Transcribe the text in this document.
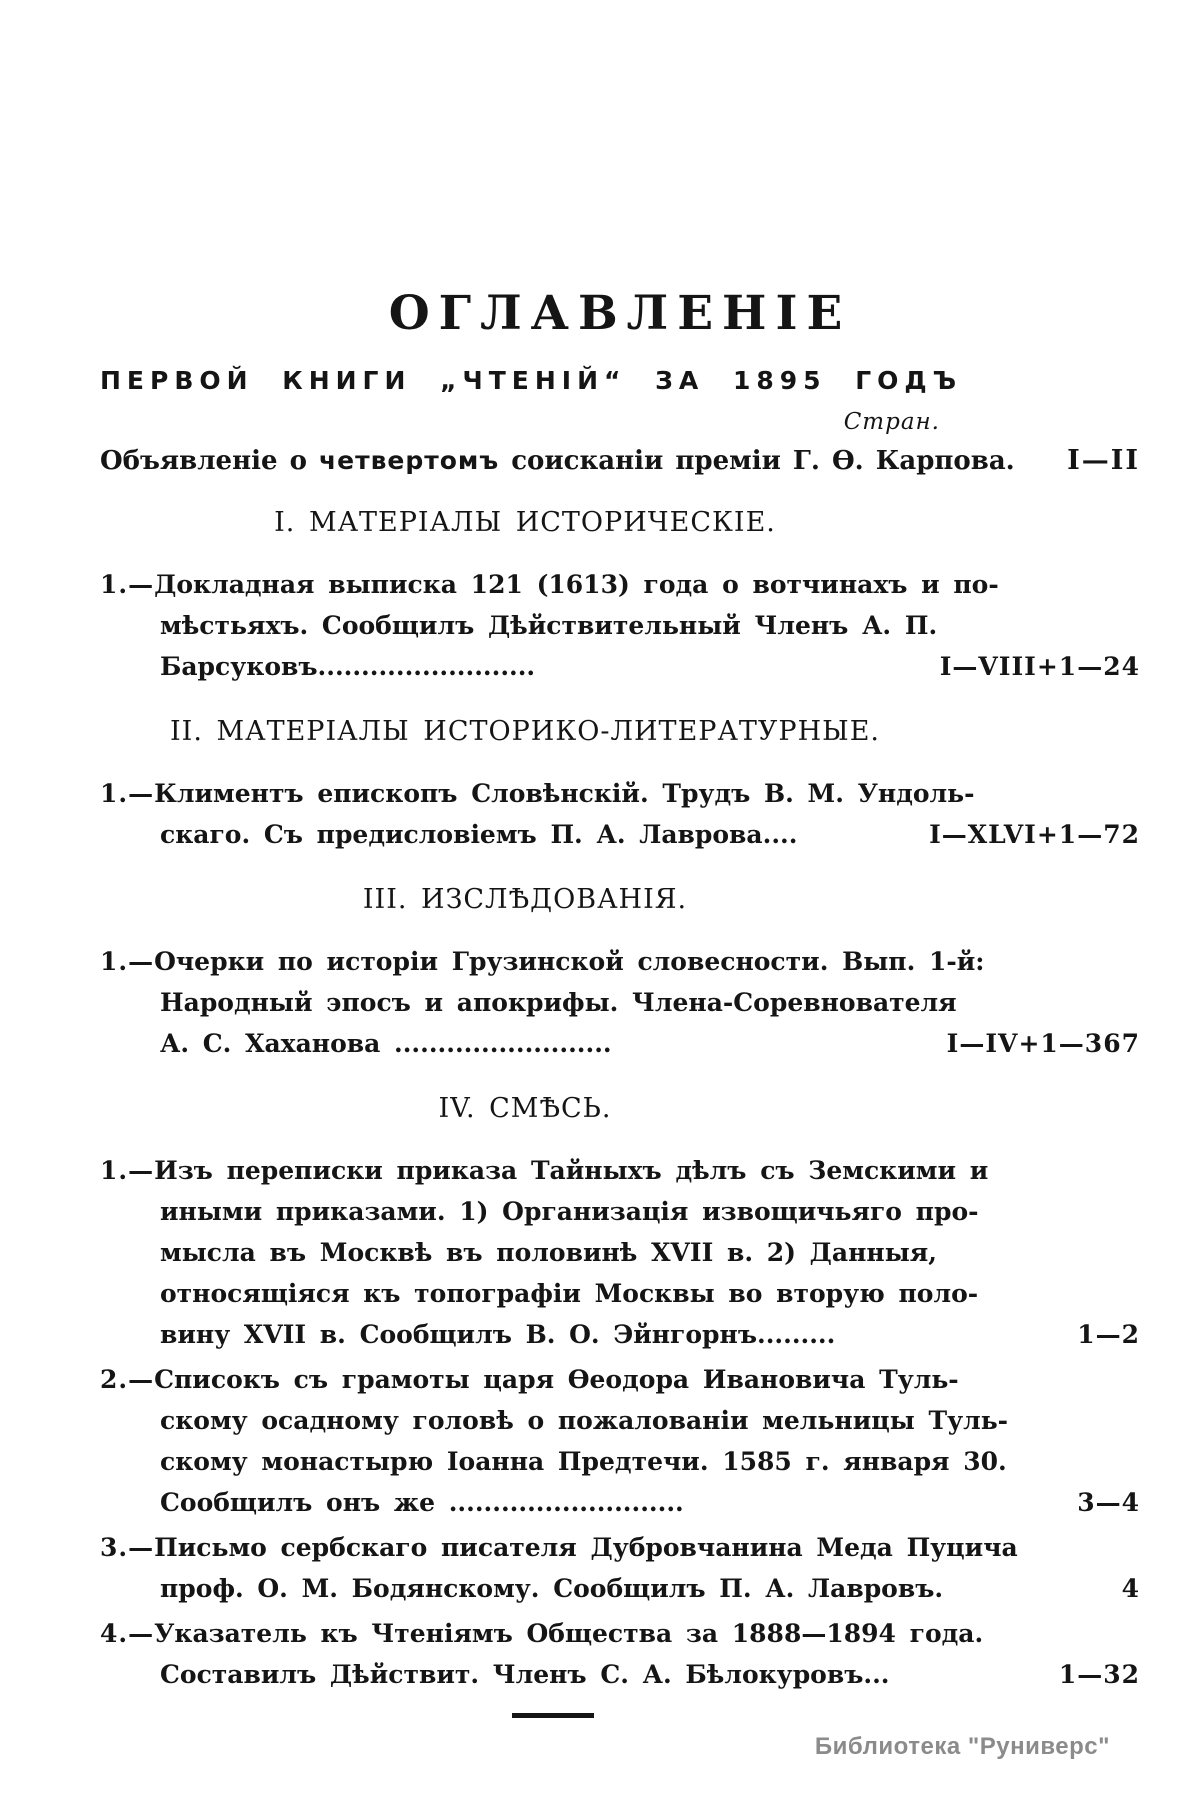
ОГЛАВЛЕНІЕ
ПЕРВОЙ КНИГИ „ЧТЕНІЙ“ ЗА 1895 ГОДЪ
Стран.
Объявленіе о четвертомъ соисканіи преміи Г. Ѳ. Карпова. I—II
I. МАТЕРІАЛЫ ИСТОРИЧЕСКІЕ.
1.—Докладная выписка 121 (1613) года о вотчинахъ и по-
мѣстьяхъ. Сообщилъ Дѣйствительный Членъ А. П.
Барсуковъ.........................	I—VIII+1—24
II. МАТЕРІАЛЫ ИСТОРИКО-ЛИТЕРАТУРНЫЕ.
1.—Климентъ епископъ Словѣнскій. Трудъ В. М. Ундоль-
скаго. Съ предисловіемъ П. А. Лаврова....	I—XLVI+1—72
III. ИЗСЛѢДОВАНІЯ.
1.—Очерки по исторіи Грузинской словесности. Вып. 1-й:
Народный эпосъ и апокрифы. Члена-Соревнователя
А. С. Хаханова .........................	I—IV+1—367
IV. СМѢСЬ.
1.—Изъ переписки приказа Тайныхъ дѣлъ съ Земскими и
иными приказами. 1) Организація извощичьяго про-
мысла въ Москвѣ въ половинѣ XVII в. 2) Данныя,
относящіяся къ топографіи Москвы во вторую поло-
вину XVII в. Сообщилъ В. О. Эйнгорнъ.........	1—2
2.—Списокъ съ грамоты царя Ѳеодора Ивановича Туль-
скому осадному головѣ о пожалованіи мельницы Туль-
скому монастырю Іоанна Предтечи. 1585 г. января 30.
Сообщилъ онъ же ...........................	3—4
3.—Письмо сербскаго писателя Дубровчанина Меда Пуцича
проф. О. М. Бодянскому. Сообщилъ П. А. Лавровъ.	4
4.—Указатель къ Чтеніямъ Общества за 1888—1894 года.
Составилъ Дѣйствит. Членъ С. А. Бѣлокуровъ...	1—32
Библиотека "Руниверс"
